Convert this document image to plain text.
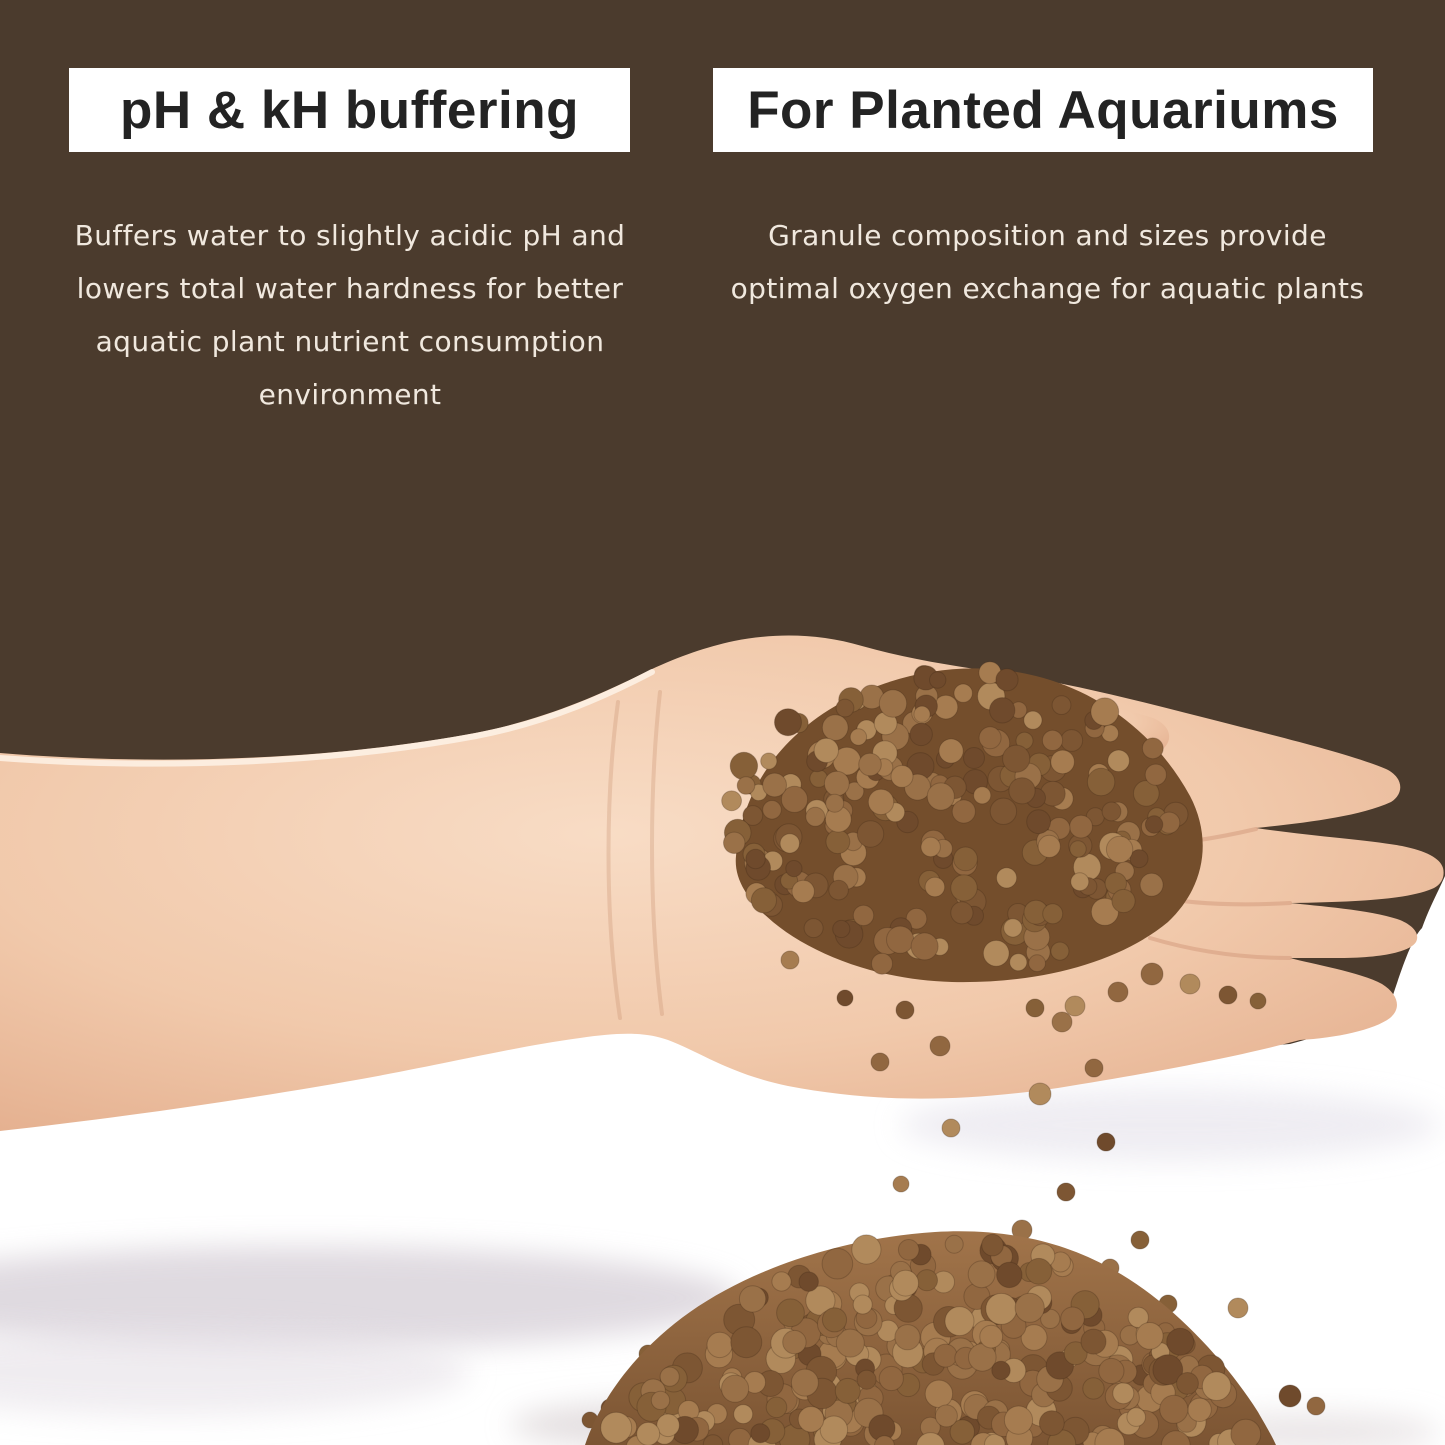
pH & kH buffering	For Planted Aquariums
Buffers water to slightly acidic pH and
lowers total water hardness for better
aquatic plant nutrient consumption
environment
Granule composition and sizes provide
optimal oxygen exchange for aquatic plants
